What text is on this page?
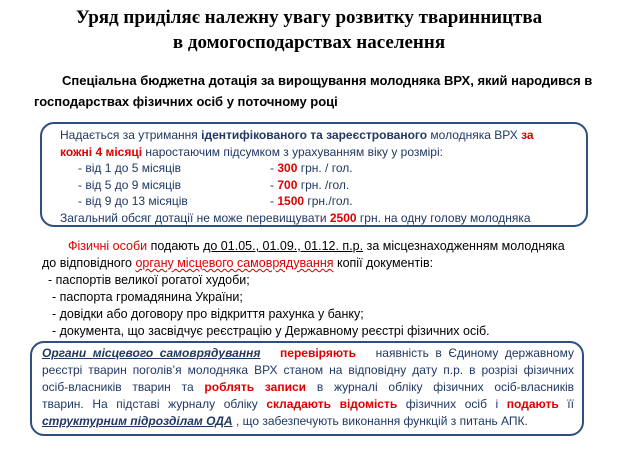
Уряд приділяє належну увагу розвитку тваринництва
в домогосподарствах населення
Спеціальна бюджетна дотація за вирощування молодняка ВРХ, який народився в
господарствах фізичних осіб у поточному році
Надається за утримання ідентифікованого та зареєстрованого молодняка ВРХ за
кожні 4 місяці наростаючим підсумком з урахуванням віку у розмірі:
- від 1 до 5 місяців	- 300 грн. / гол.
- від 5 до 9 місяців	- 700 грн. /гол.
- від 9 до 13 місяців	- 1500 грн./гол.
Загальний обсяг дотації не може перевищувати 2500 грн. на одну голову молодняка
Фізичні особи подають до 01.05., 01.09., 01.12. п.р. за місцезнаходженням молодняка
до відповідного органу місцевого самоврядування копії документів:
- паспортів великої рогатої худоби;
- паспорта громадянина України;
- довідки або договору про відкриття рахунка у банку;
- документа, що засвідчує реєстрацію у Державному реєстрі фізичних осіб.
Органи місцевого самоврядування перевіряють наявність в Єдиному державному
реєстрі тварин поголів’я молодняка ВРХ станом на відповідну дату п.р. в розрізі фізичних
осіб-власників тварин та роблять записи в журналі обліку фізичних осіб-власників
тварин. На підставі журналу обліку складають відомість фізичних осіб і подають її
структурним підрозділам ОДА , що забезпечують виконання функцій з питань АПК.
